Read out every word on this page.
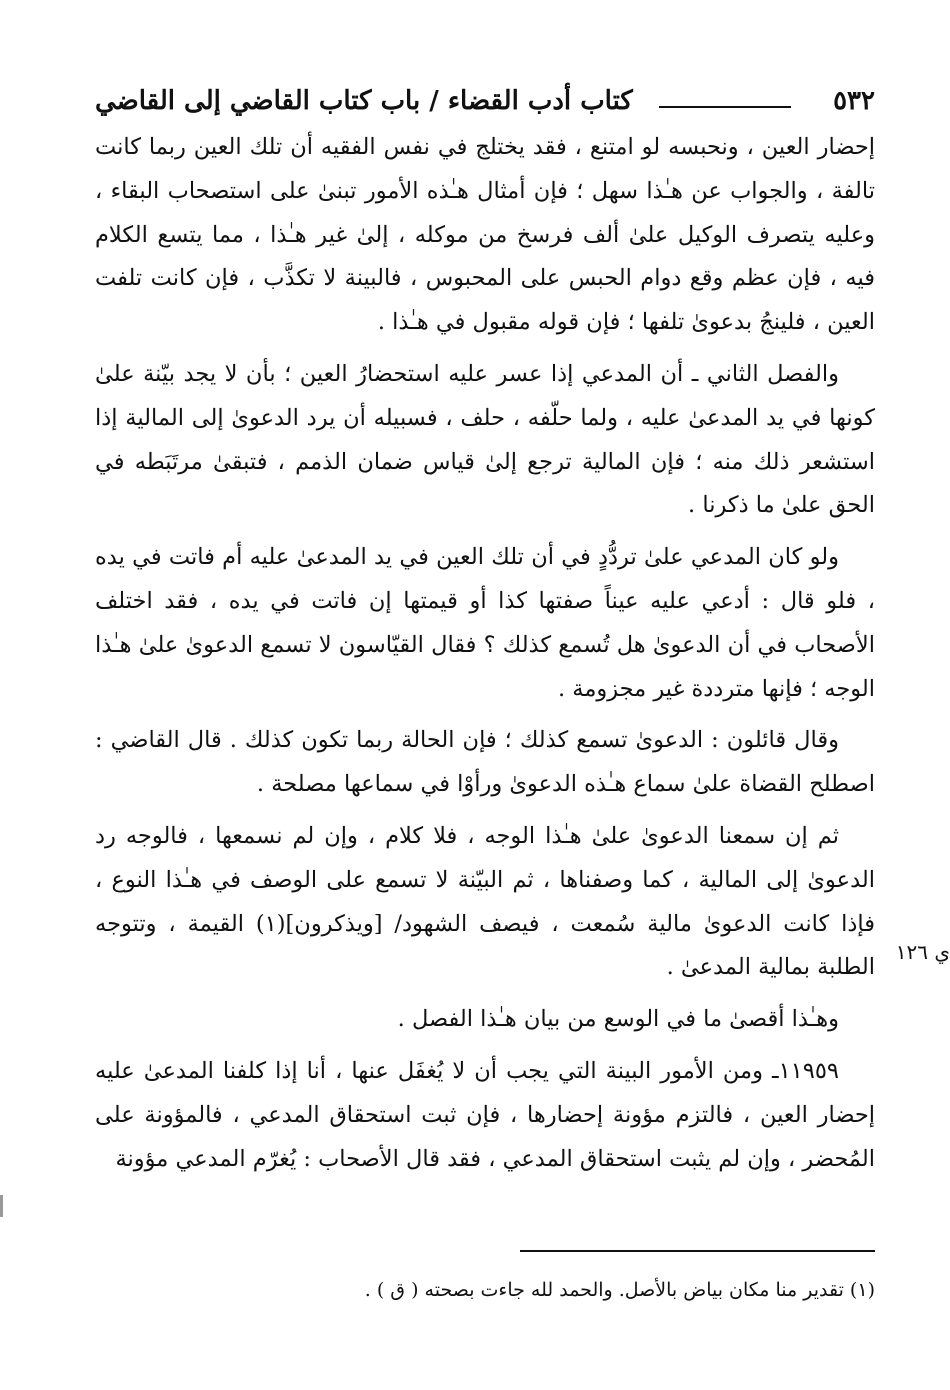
٥٣٢
كتاب أدب القضاء / باب كتاب القاضي إلى القاضي

إحضار العين ، ونحبسه لو امتنع ، فقد يختلج في نفس الفقيه أن تلك العين ربما كانت تالفة ، والجواب عن هـٰذا سهل ؛ فإن أمثال هـٰذه الأمور تبنىٰ على استصحاب البقاء ، وعليه يتصرف الوكيل علىٰ ألف فرسخ من موكله ، إلىٰ غير هـٰذا ، مما يتسع الكلام فيه ، فإن عظم وقع دوام الحبس على المحبوس ، فالبينة لا تكذَّب ، فإن كانت تلفت العين ، فلينجُ بدعوىٰ تلفها ؛ فإن قوله مقبول في هـٰذا .

والفصل الثاني ـ أن المدعي إذا عسر عليه استحضارُ العين ؛ بأن لا يجد بيّنة علىٰ كونها في يد المدعىٰ عليه ، ولما حلّفه ، حلف ، فسبيله أن يرد الدعوىٰ إلى المالية إذا استشعر ذلك منه ؛ فإن المالية ترجع إلىٰ قياس ضمان الذمم ، فتبقىٰ مرتَبَطه في الحق علىٰ ما ذكرنا .

ولو كان المدعي علىٰ تردُّدٍ في أن تلك العين في يد المدعىٰ عليه أم فاتت في يده ، فلو قال : أدعي عليه عيناً صفتها كذا أو قيمتها إن فاتت في يده ، فقد اختلف الأصحاب في أن الدعوىٰ هل تُسمع كذلك ؟ فقال القيّاسون لا تسمع الدعوىٰ علىٰ هـٰذا الوجه ؛ فإنها مترددة غير مجزومة .

وقال قائلون : الدعوىٰ تسمع كذلك ؛ فإن الحالة ربما تكون كذلك . قال القاضي : اصطلح القضاة علىٰ سماع هـٰذه الدعوىٰ ورأوْا في سماعها مصلحة .

ثم إن سمعنا الدعوىٰ علىٰ هـٰذا الوجه ، فلا كلام ، وإن لم نسمعها ، فالوجه رد الدعوىٰ إلى المالية ، كما وصفناها ، ثم البيّنة لا تسمع على الوصف في هـٰذا النوع ، فإذا كانت الدعوىٰ مالية سُمعت ، فيصف الشهود/ [ويذكرون](١) القيمة ، وتتوجه الطلبة بمالية المدعىٰ .

وهـٰذا أقصىٰ ما في الوسع من بيان هـٰذا الفصل .

١١٩٥٩ـ ومن الأمور البينة التي يجب أن لا يُغفَل عنها ، أنا إذا كلفنا المدعىٰ عليه إحضار العين ، فالتزم مؤونة إحضارها ، فإن ثبت استحقاق المدعي ، فالمؤونة على المُحضر ، وإن لم يثبت استحقاق المدعي ، فقد قال الأصحاب : يُغرّم المدعي مؤونة

ي ١٢٦
(١) تقدير منا مكان بياض بالأصل. والحمد لله جاءت بصحته ( ق ) .
